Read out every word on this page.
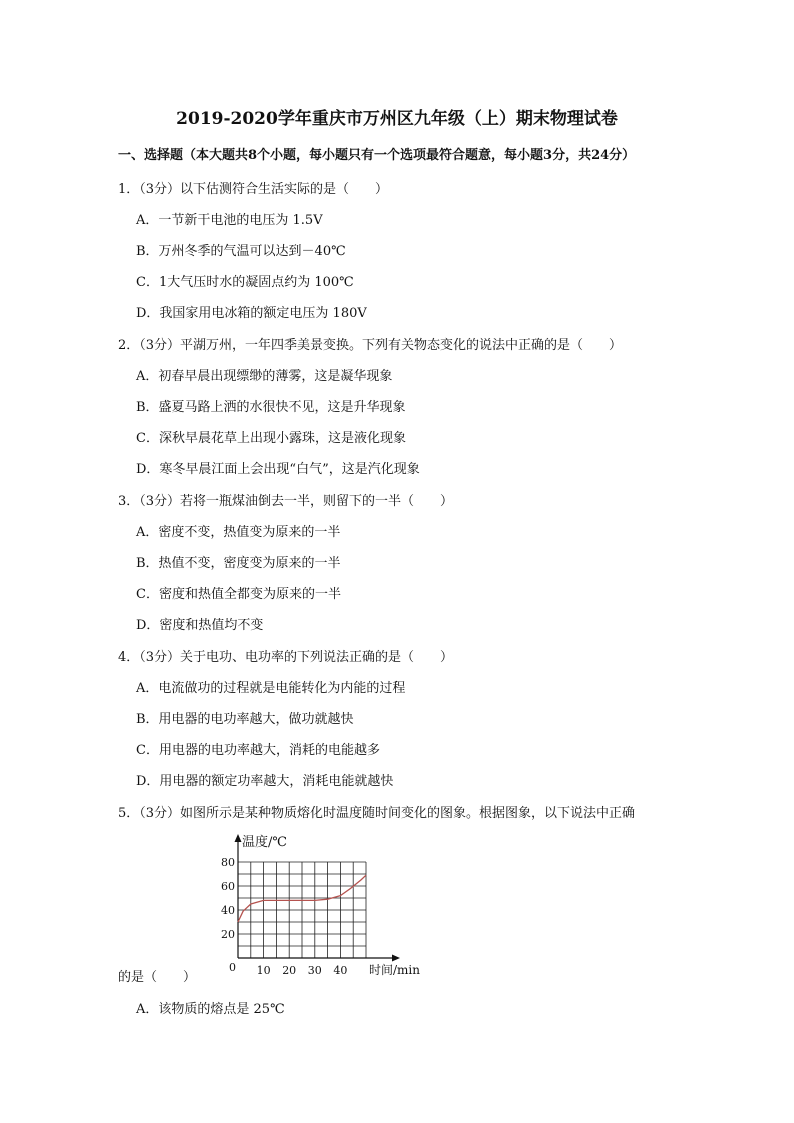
2019-2020学年重庆市万州区九年级（上）期末物理试卷
一、选择题（本大题共8个小题，每小题只有一个选项最符合题意，每小题3分，共24分）
1．（3分）以下估测符合生活实际的是（　　）
A．一节新干电池的电压为 1.5V
B．万州冬季的气温可以达到－40℃
C．1大气压时水的凝固点约为 100℃
D．我国家用电冰箱的额定电压为 180V
2．（3分）平湖万州，一年四季美景变换。下列有关物态变化的说法中正确的是（　　）
A．初春早晨出现缥缈的薄雾，这是凝华现象
B．盛夏马路上洒的水很快不见，这是升华现象
C．深秋早晨花草上出现小露珠，这是液化现象
D．寒冬早晨江面上会出现“白气”，这是汽化现象
3．（3分）若将一瓶煤油倒去一半，则留下的一半（　　）
A．密度不变，热值变为原来的一半
B．热值不变，密度变为原来的一半
C．密度和热值全都变为原来的一半
D．密度和热值均不变
4．（3分）关于电功、电功率的下列说法正确的是（　　）
A．电流做功的过程就是电能转化为内能的过程
B．用电器的电功率越大，做功就越快
C．用电器的电功率越大，消耗的电能越多
D．用电器的额定功率越大，消耗电能就越快
5．（3分）如图所示是某种物质熔化时温度随时间变化的图象。根据图象，以下说法中正确
温度/℃
时间/min
0 10 20 30 40
20
40
60
80
的是（　　）
A．该物质的熔点是 25℃
